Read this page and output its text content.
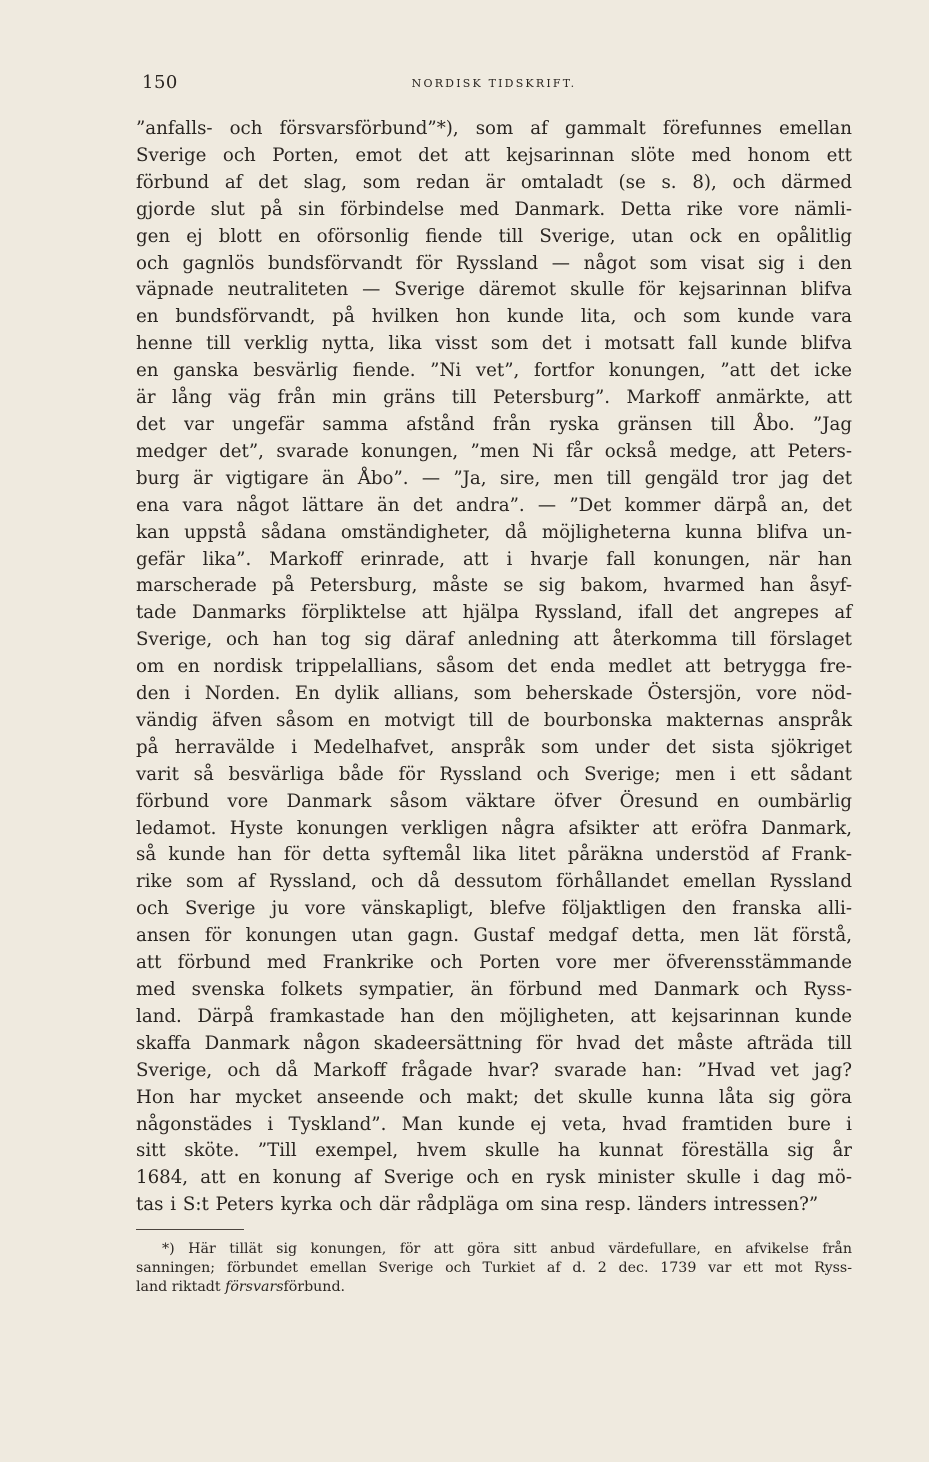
150	NORDISK TIDSKRIFT.
”anfalls- och försvarsförbund”*), som af gammalt förefunnes emellan
Sverige och Porten, emot det att kejsarinnan slöte med honom ett
förbund af det slag, som redan är omtaladt (se s. 8), och därmed
gjorde slut på sin förbindelse med Danmark. Detta rike vore nämli-
gen ej blott en oförsonlig fiende till Sverige, utan ock en opålitlig
och gagnlös bundsförvandt för Ryssland — något som visat sig i den
väpnade neutraliteten — Sverige däremot skulle för kejsarinnan blifva
en bundsförvandt, på hvilken hon kunde lita, och som kunde vara
henne till verklig nytta, lika visst som det i motsatt fall kunde blifva
en ganska besvärlig fiende. ”Ni vet”, fortfor konungen, ”att det icke
är lång väg från min gräns till Petersburg”. Markoff anmärkte, att
det var ungefär samma afstånd från ryska gränsen till Åbo. ”Jag
medger det”, svarade konungen, ”men Ni får också medge, att Peters-
burg är vigtigare än Åbo”. — ”Ja, sire, men till gengäld tror jag det
ena vara något lättare än det andra”. — ”Det kommer därpå an, det
kan uppstå sådana omständigheter, då möjligheterna kunna blifva un-
gefär lika”. Markoff erinrade, att i hvarje fall konungen, när han
marscherade på Petersburg, måste se sig bakom, hvarmed han åsyf-
tade Danmarks förpliktelse att hjälpa Ryssland, ifall det angrepes af
Sverige, och han tog sig däraf anledning att återkomma till förslaget
om en nordisk trippelallians, såsom det enda medlet att betrygga fre-
den i Norden. En dylik allians, som beherskade Östersjön, vore nöd-
vändig äfven såsom en motvigt till de bourbonska makternas anspråk
på herravälde i Medelhafvet, anspråk som under det sista sjökriget
varit så besvärliga både för Ryssland och Sverige; men i ett sådant
förbund vore Danmark såsom väktare öfver Öresund en oumbärlig
ledamot. Hyste konungen verkligen några afsikter att eröfra Danmark,
så kunde han för detta syftemål lika litet påräkna understöd af Frank-
rike som af Ryssland, och då dessutom förhållandet emellan Ryssland
och Sverige ju vore vänskapligt, blefve följaktligen den franska alli-
ansen för konungen utan gagn. Gustaf medgaf detta, men lät förstå,
att förbund med Frankrike och Porten vore mer öfverensstämmande
med svenska folkets sympatier, än förbund med Danmark och Ryss-
land. Därpå framkastade han den möjligheten, att kejsarinnan kunde
skaffa Danmark någon skadeersättning för hvad det måste afträda till
Sverige, och då Markoff frågade hvar? svarade han: ”Hvad vet jag?
Hon har mycket anseende och makt; det skulle kunna låta sig göra
någonstädes i Tyskland”. Man kunde ej veta, hvad framtiden bure i
sitt sköte. ”Till exempel, hvem skulle ha kunnat föreställa sig år
1684, att en konung af Sverige och en rysk minister skulle i dag mö-
tas i S:t Peters kyrka och där rådpläga om sina resp. länders intressen?”
*) Här tillät sig konungen, för att göra sitt anbud värdefullare, en afvikelse från
sanningen; förbundet emellan Sverige och Turkiet af d. 2 dec. 1739 var ett mot Ryss-
land riktadt försvarsförbund.
